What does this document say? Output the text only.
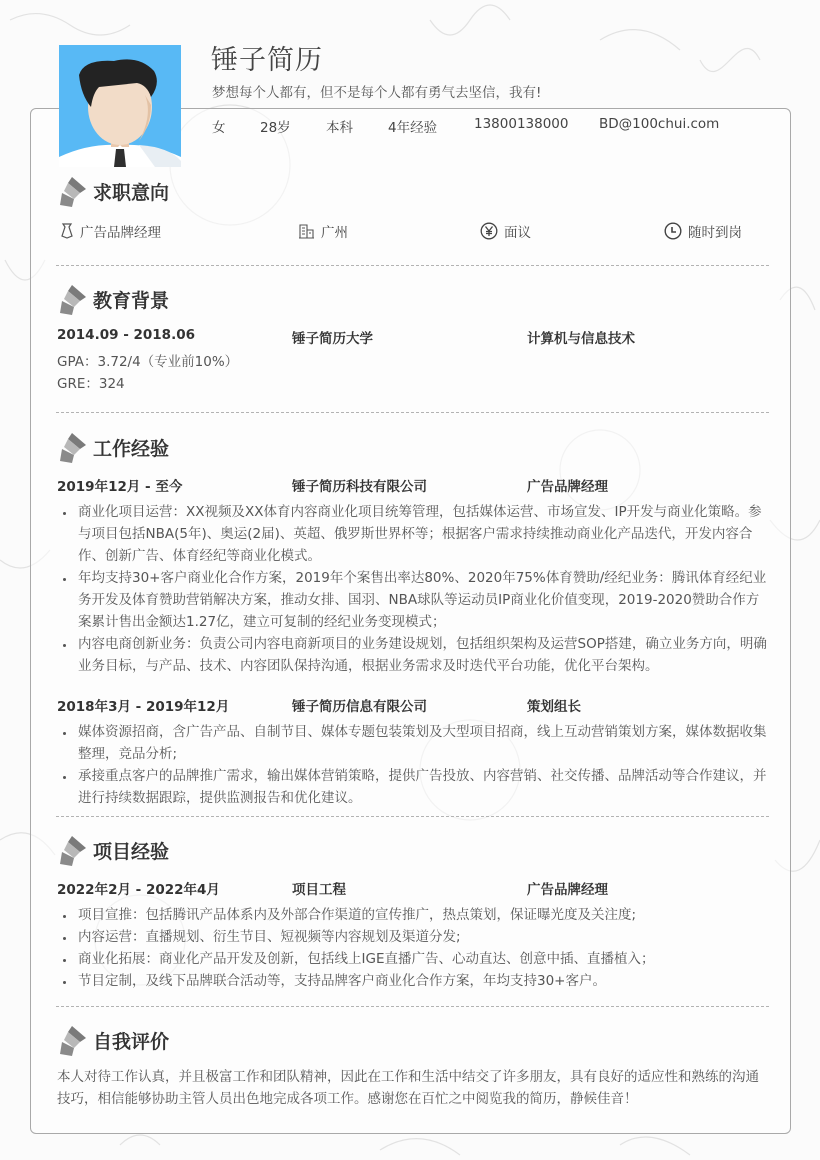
锤子简历
梦想每个人都有，但不是每个人都有勇气去坚信，我有!
女	28岁	本科	4年经验	13800138000 BD@100chui.com
求职意向
广告品牌经理	广州	面议	随时到岗
教育背景
2014.09 - 2018.06	锤子简历大学	计算机与信息技术
GPA：3.72/4（专业前10%）
GRE：324
工作经验
2019年12月 - 至今	锤子简历科技有限公司	广告品牌经理
• 商业化项目运营：XX视频及XX体育内容商业化项目统筹管理，包括媒体运营、市场宣发、IP开发与商业化策略。参与项目包括NBA(5年)、奥运(2届)、英超、俄罗斯世界杯等；根据客户需求持续推动商业化产品迭代，开发内容合作、创新广告、体育经纪等商业化模式。
• 年均支持30+客户商业化合作方案，2019年个案售出率达80%、2020年75%体育赞助/经纪业务：腾讯体育经纪业务开发及体育赞助营销解决方案，推动女排、国羽、NBA球队等运动员IP商业化价值变现，2019-2020赞助合作方案累计售出金额达1.27亿，建立可复制的经纪业务变现模式；
• 内容电商创新业务：负责公司内容电商新项目的业务建设规划，包括组织架构及运营SOP搭建，确立业务方向，明确业务目标，与产品、技术、内容团队保持沟通，根据业务需求及时迭代平台功能，优化平台架构。
2018年3月 - 2019年12月	锤子简历信息有限公司	策划组长
• 媒体资源招商，含广告产品、自制节目、媒体专题包装策划及大型项目招商，线上互动营销策划方案，媒体数据收集整理，竞品分析;
• 承接重点客户的品牌推广需求，输出媒体营销策略，提供广告投放、内容营销、社交传播、品牌活动等合作建议，并进行持续数据跟踪，提供监测报告和优化建议。
项目经验
2022年2月 - 2022年4月	项目工程	广告品牌经理
• 项目宣推：包括腾讯产品体系内及外部合作渠道的宣传推广，热点策划，保证曝光度及关注度;
• 内容运营：直播规划、衍生节目、短视频等内容规划及渠道分发;
• 商业化拓展：商业化产品开发及创新，包括线上IGE直播广告、心动直达、创意中插、直播植入；
• 节目定制，及线下品牌联合活动等，支持品牌客户商业化合作方案，年均支持30+客户。
自我评价
本人对待工作认真，并且极富工作和团队精神，因此在工作和生活中结交了许多朋友，具有良好的适应性和熟练的沟通技巧，相信能够协助主管人员出色地完成各项工作。感谢您在百忙之中阅览我的简历，静候佳音！
